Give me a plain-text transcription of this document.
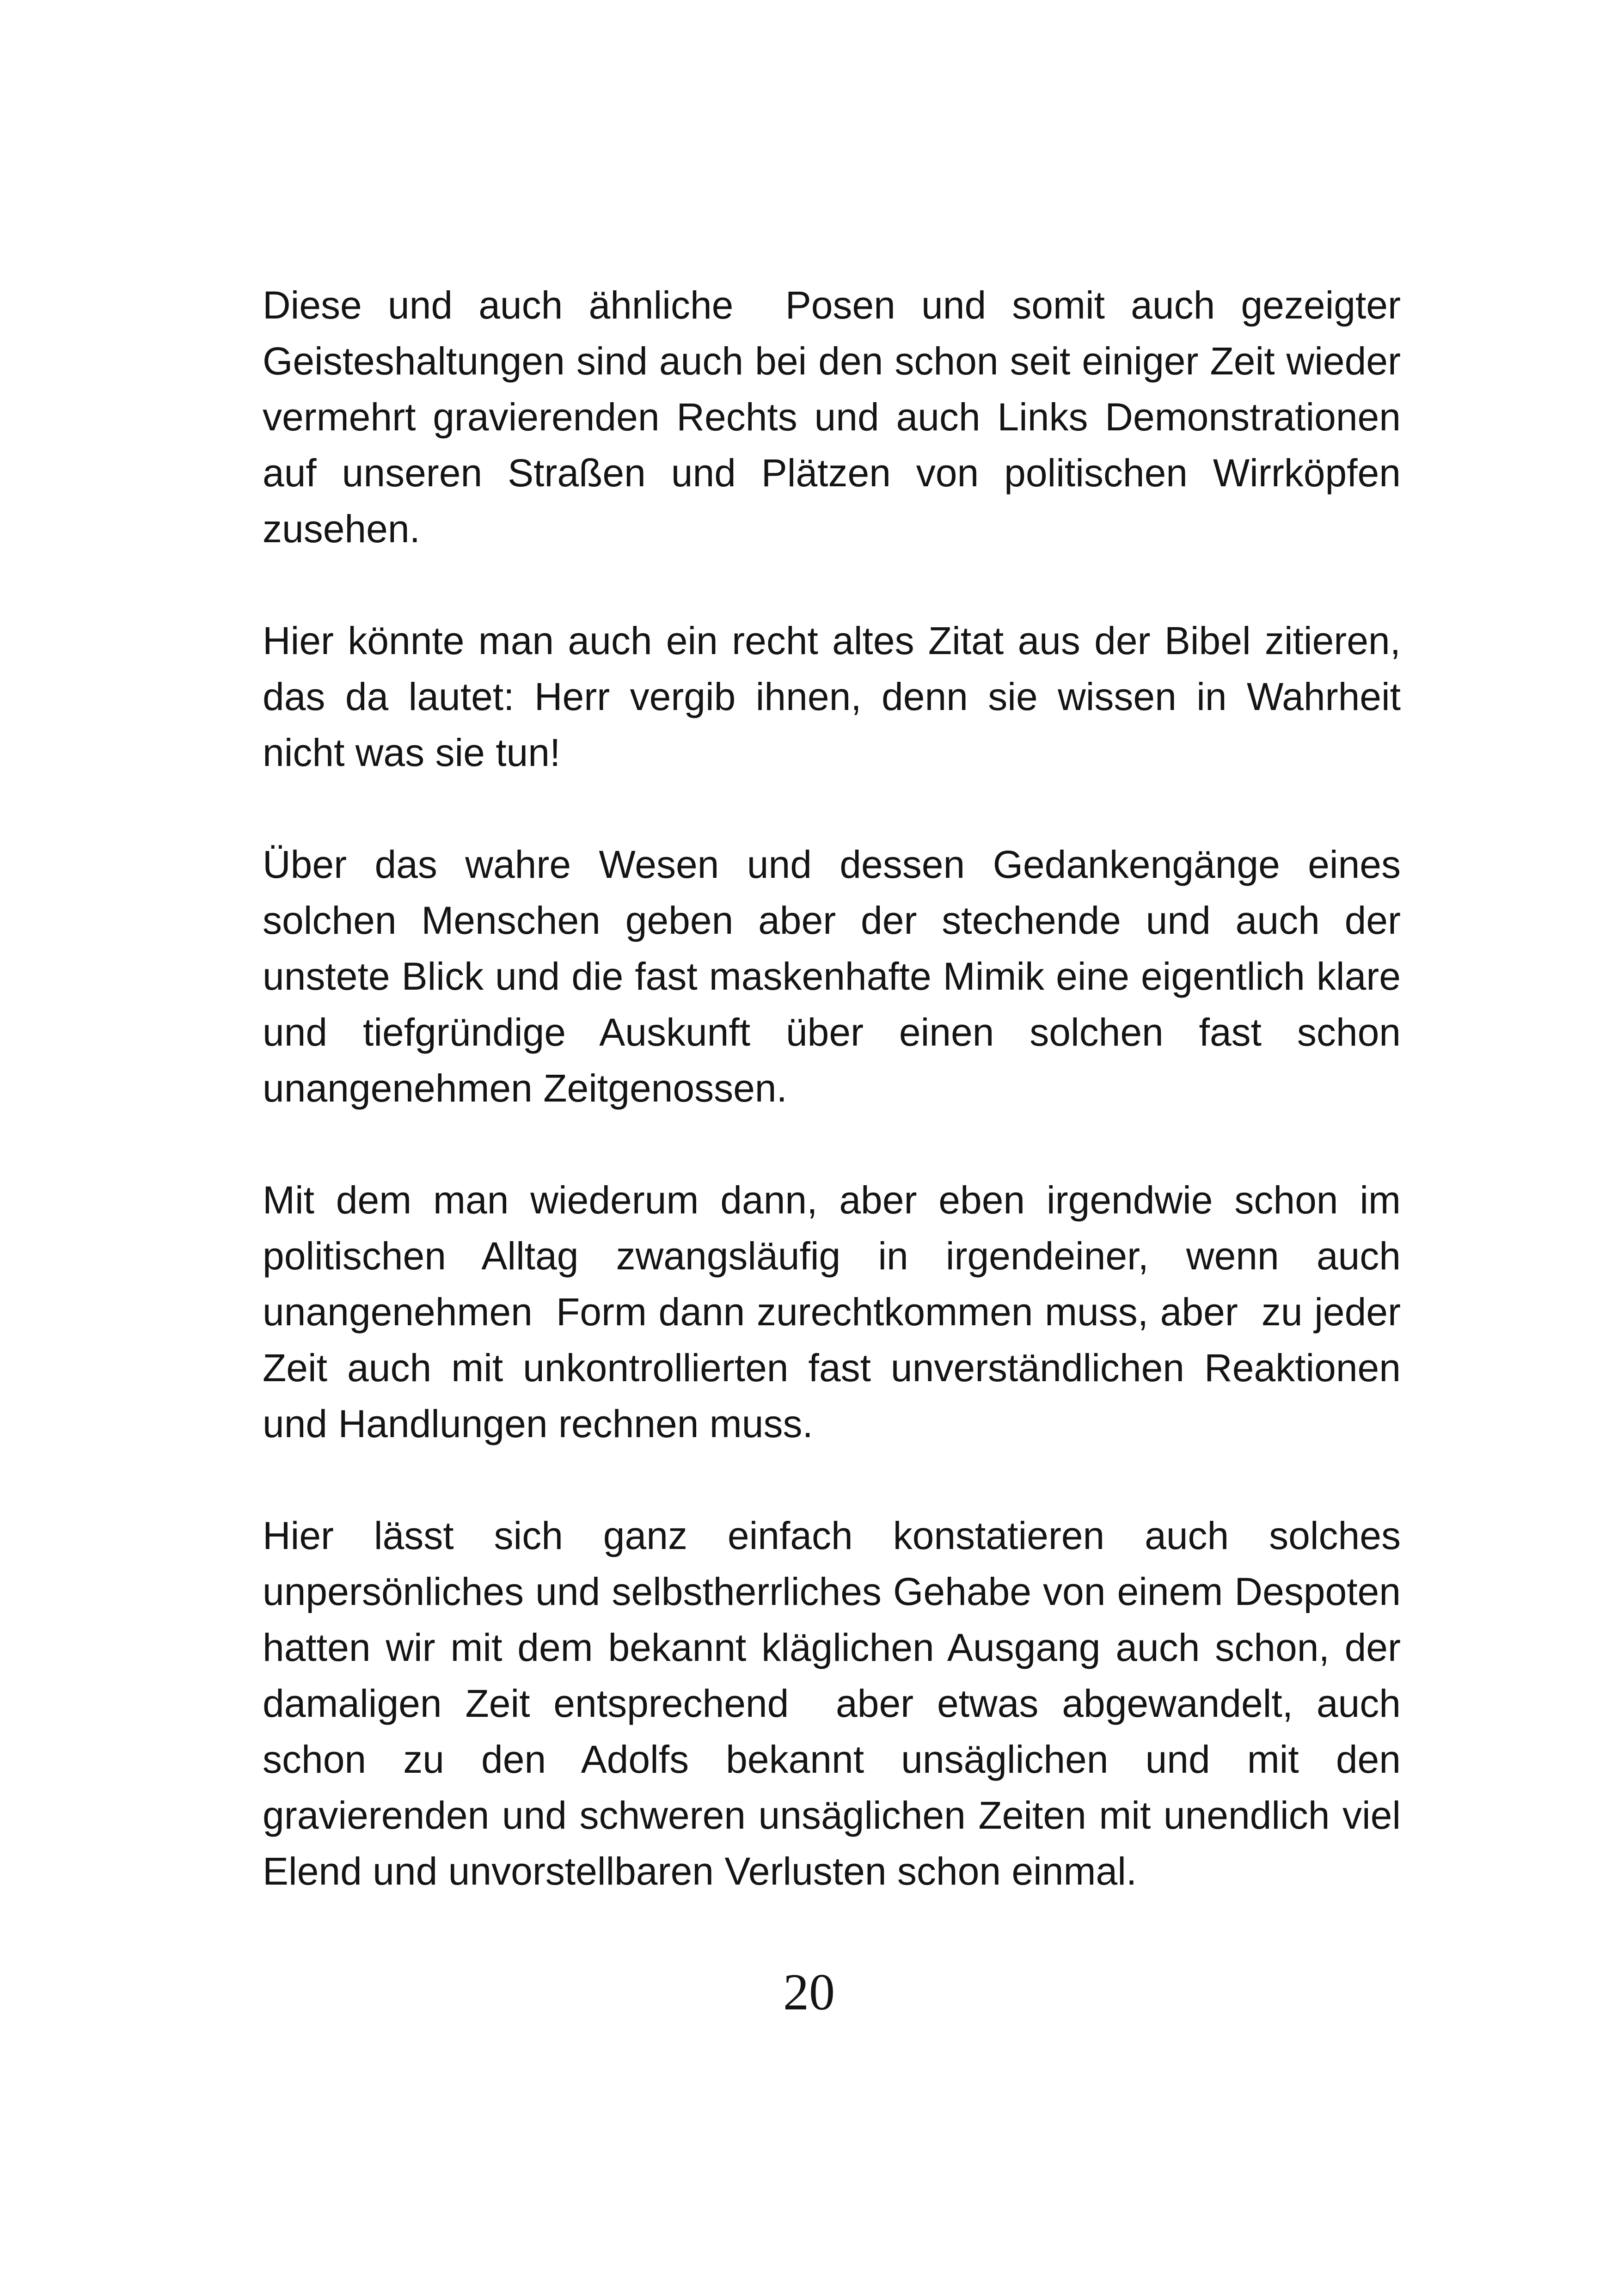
Diese und auch ähnliche  Posen und somit auch gezeigter Geisteshaltungen sind auch bei den schon seit einiger Zeit wieder vermehrt gravierenden Rechts und auch Links Demonstrationen auf unseren Straßen und Plätzen von politischen Wirrköpfen zusehen.

Hier könnte man auch ein recht altes Zitat aus der Bibel zitieren, das da lautet: Herr vergib ihnen, denn sie wissen in Wahrheit nicht was sie tun!

Über das wahre Wesen und dessen Gedankengänge eines solchen Menschen geben aber der stechende und auch der unstete Blick und die fast maskenhafte Mimik eine eigentlich klare und tiefgründige Auskunft über einen solchen fast schon unangenehmen Zeitgenossen.

Mit dem man wiederum dann, aber eben irgendwie schon im politischen Alltag zwangsläufig in irgendeiner, wenn auch unangenehmen  Form dann zurechtkommen muss, aber  zu jeder Zeit auch mit unkontrollierten fast unverständlichen Reaktionen und Handlungen rechnen muss.

Hier lässt sich ganz einfach konstatieren auch solches unpersönliches und selbstherrliches Gehabe von einem Despoten hatten wir mit dem bekannt kläglichen Ausgang auch schon, der damaligen Zeit entsprechend  aber etwas abgewandelt, auch schon zu den Adolfs bekannt unsäglichen und mit den gravierenden und schweren unsäglichen Zeiten mit unendlich viel Elend und unvorstellbaren Verlusten schon einmal.

20
